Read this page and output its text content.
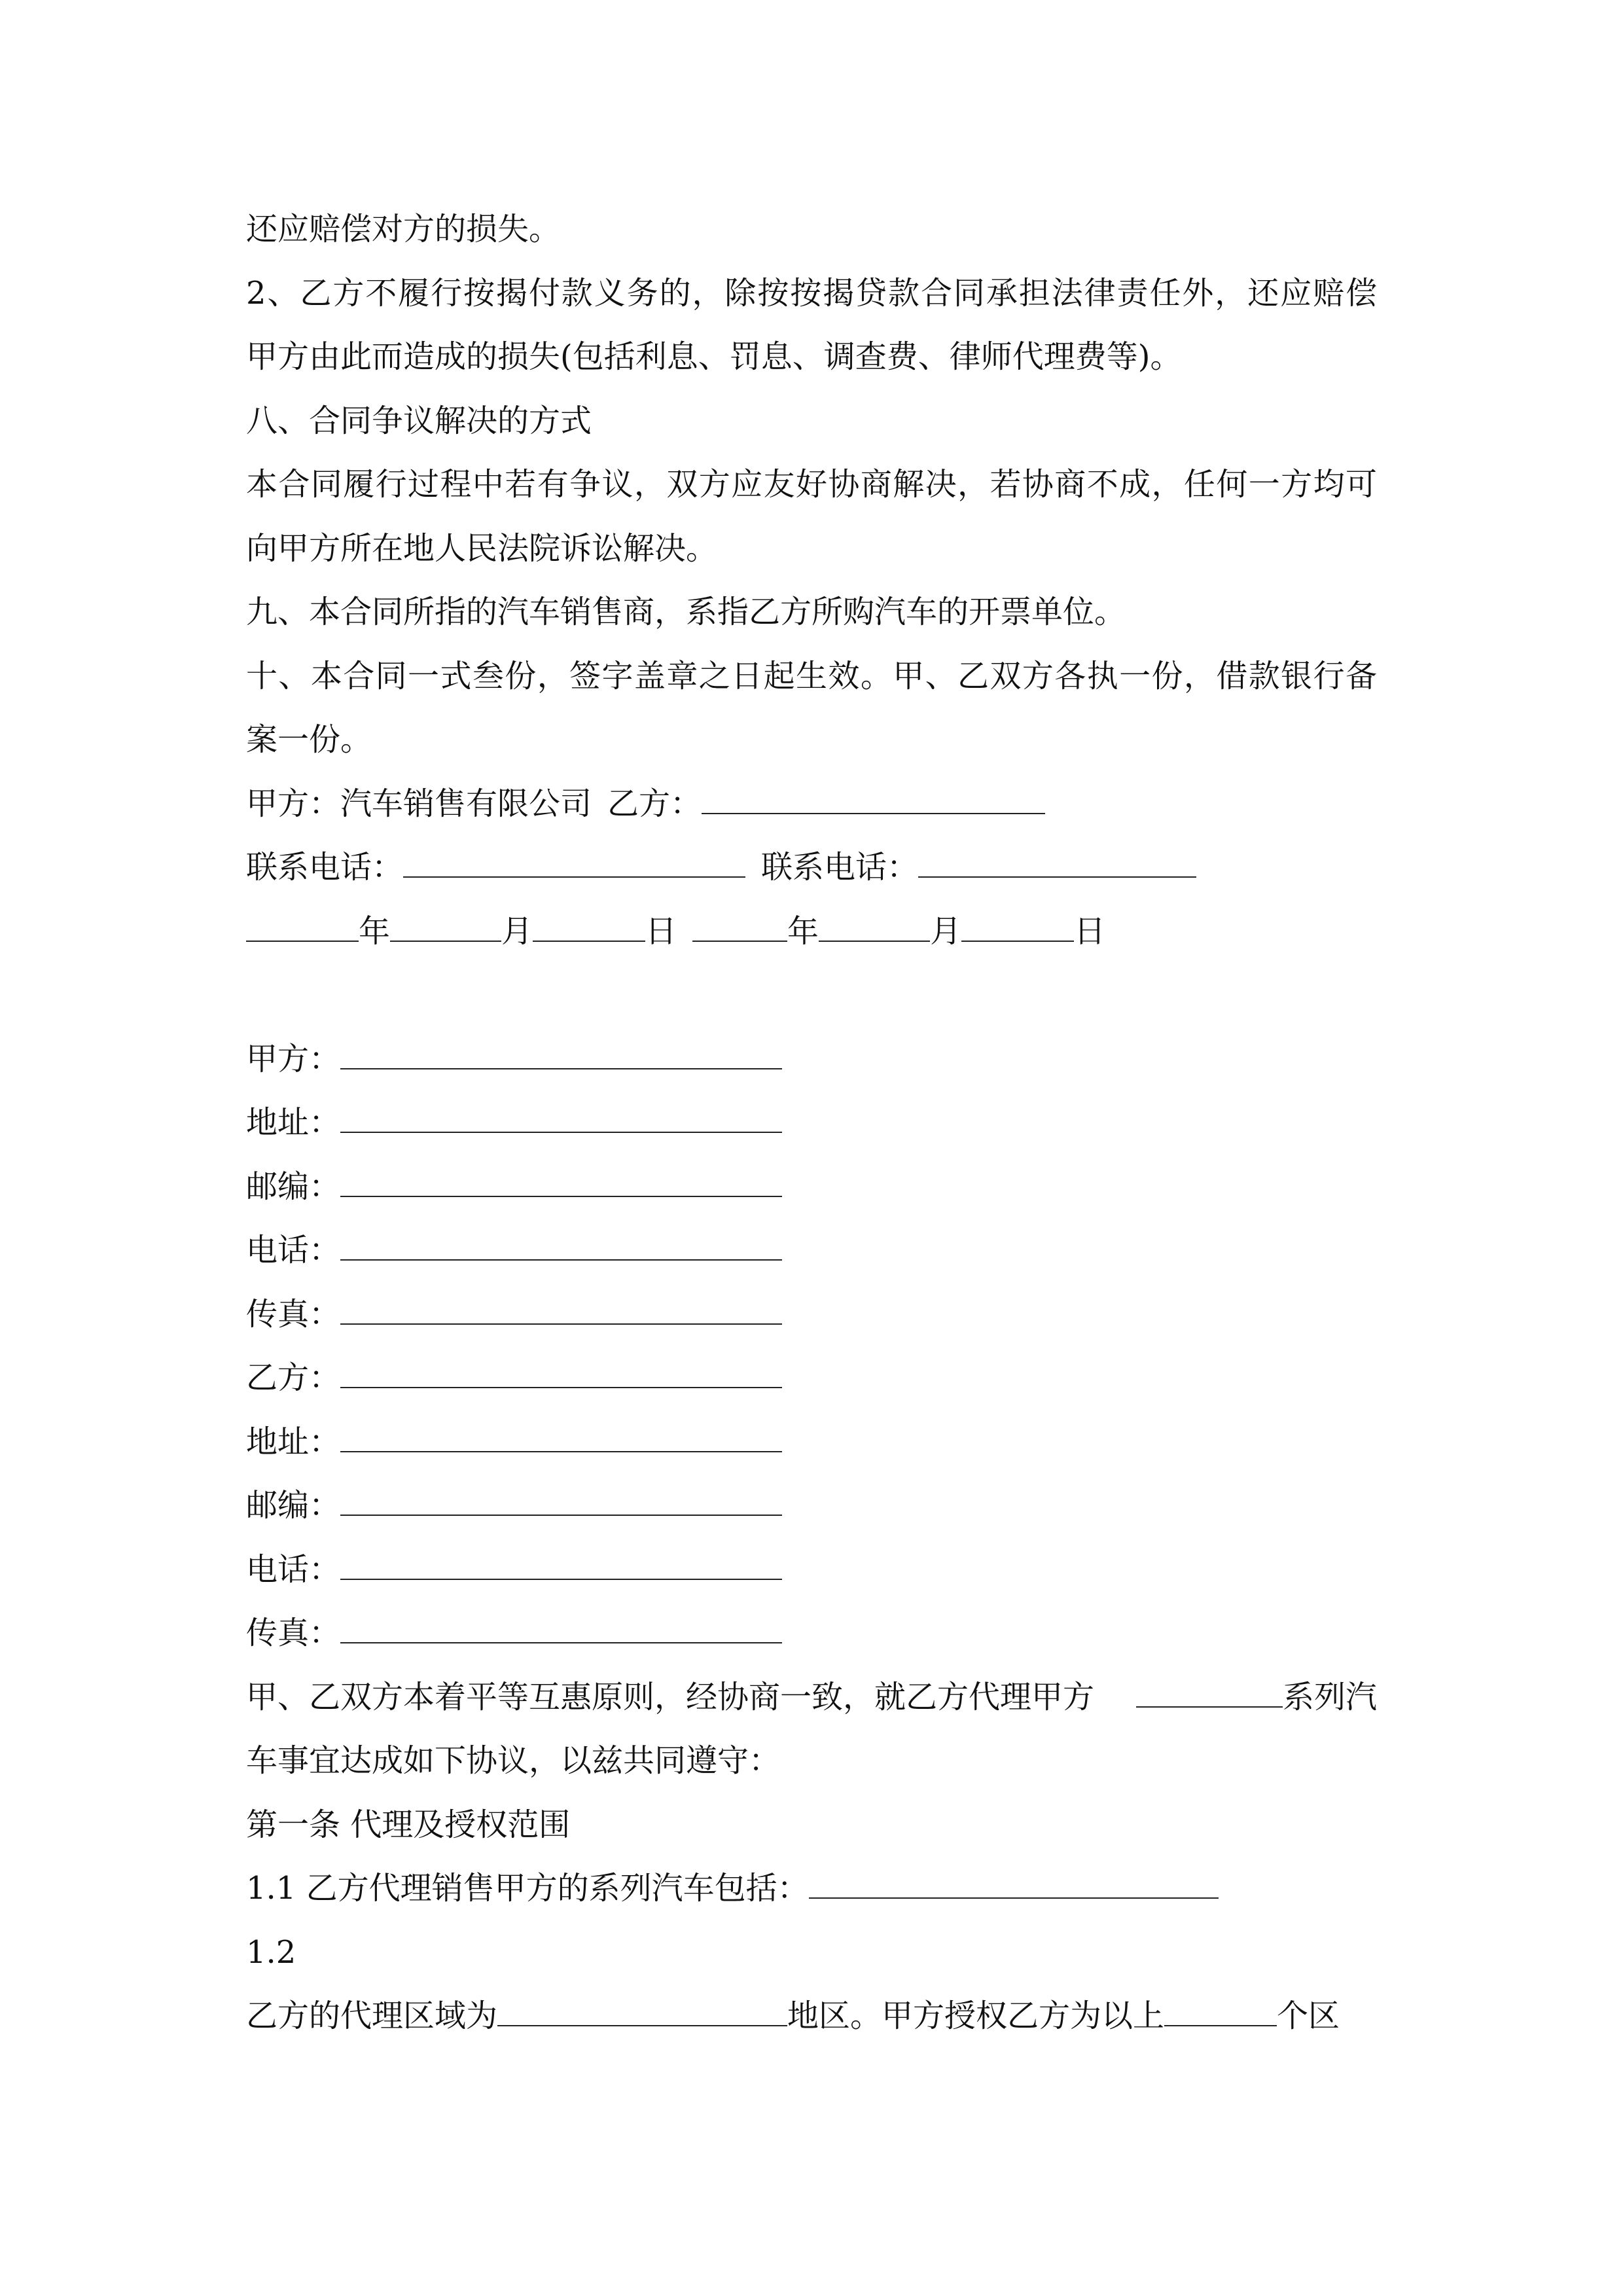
还应赔偿对方的损失。
2、乙方不履行按揭付款义务的，除按按揭贷款合同承担法律责任外，还应赔偿
甲方由此而造成的损失(包括利息、罚息、调查费、律师代理费等)。
八、合同争议解决的方式
本合同履行过程中若有争议，双方应友好协商解决，若协商不成，任何一方均可
向甲方所在地人民法院诉讼解决。
九、本合同所指的汽车销售商，系指乙方所购汽车的开票单位。
十、本合同一式叁份，签字盖章之日起生效。甲、乙双方各执一份，借款银行备
案一份。
甲方：汽车销售有限公司 乙方：
联系电话：	联系电话：
年	月	日	年	月	日
甲方：
地址：
邮编：
电话：
传真：
乙方：
地址：
邮编：
电话：
传真：
甲、乙双方本着平等互惠原则，经协商一致，就乙方代理甲方	系列汽
车事宜达成如下协议，以兹共同遵守：
第一条 代理及授权范围
1.1 乙方代理销售甲方的系列汽车包括：
1.2
乙方的代理区域为	地区。甲方授权乙方为以上	个区
